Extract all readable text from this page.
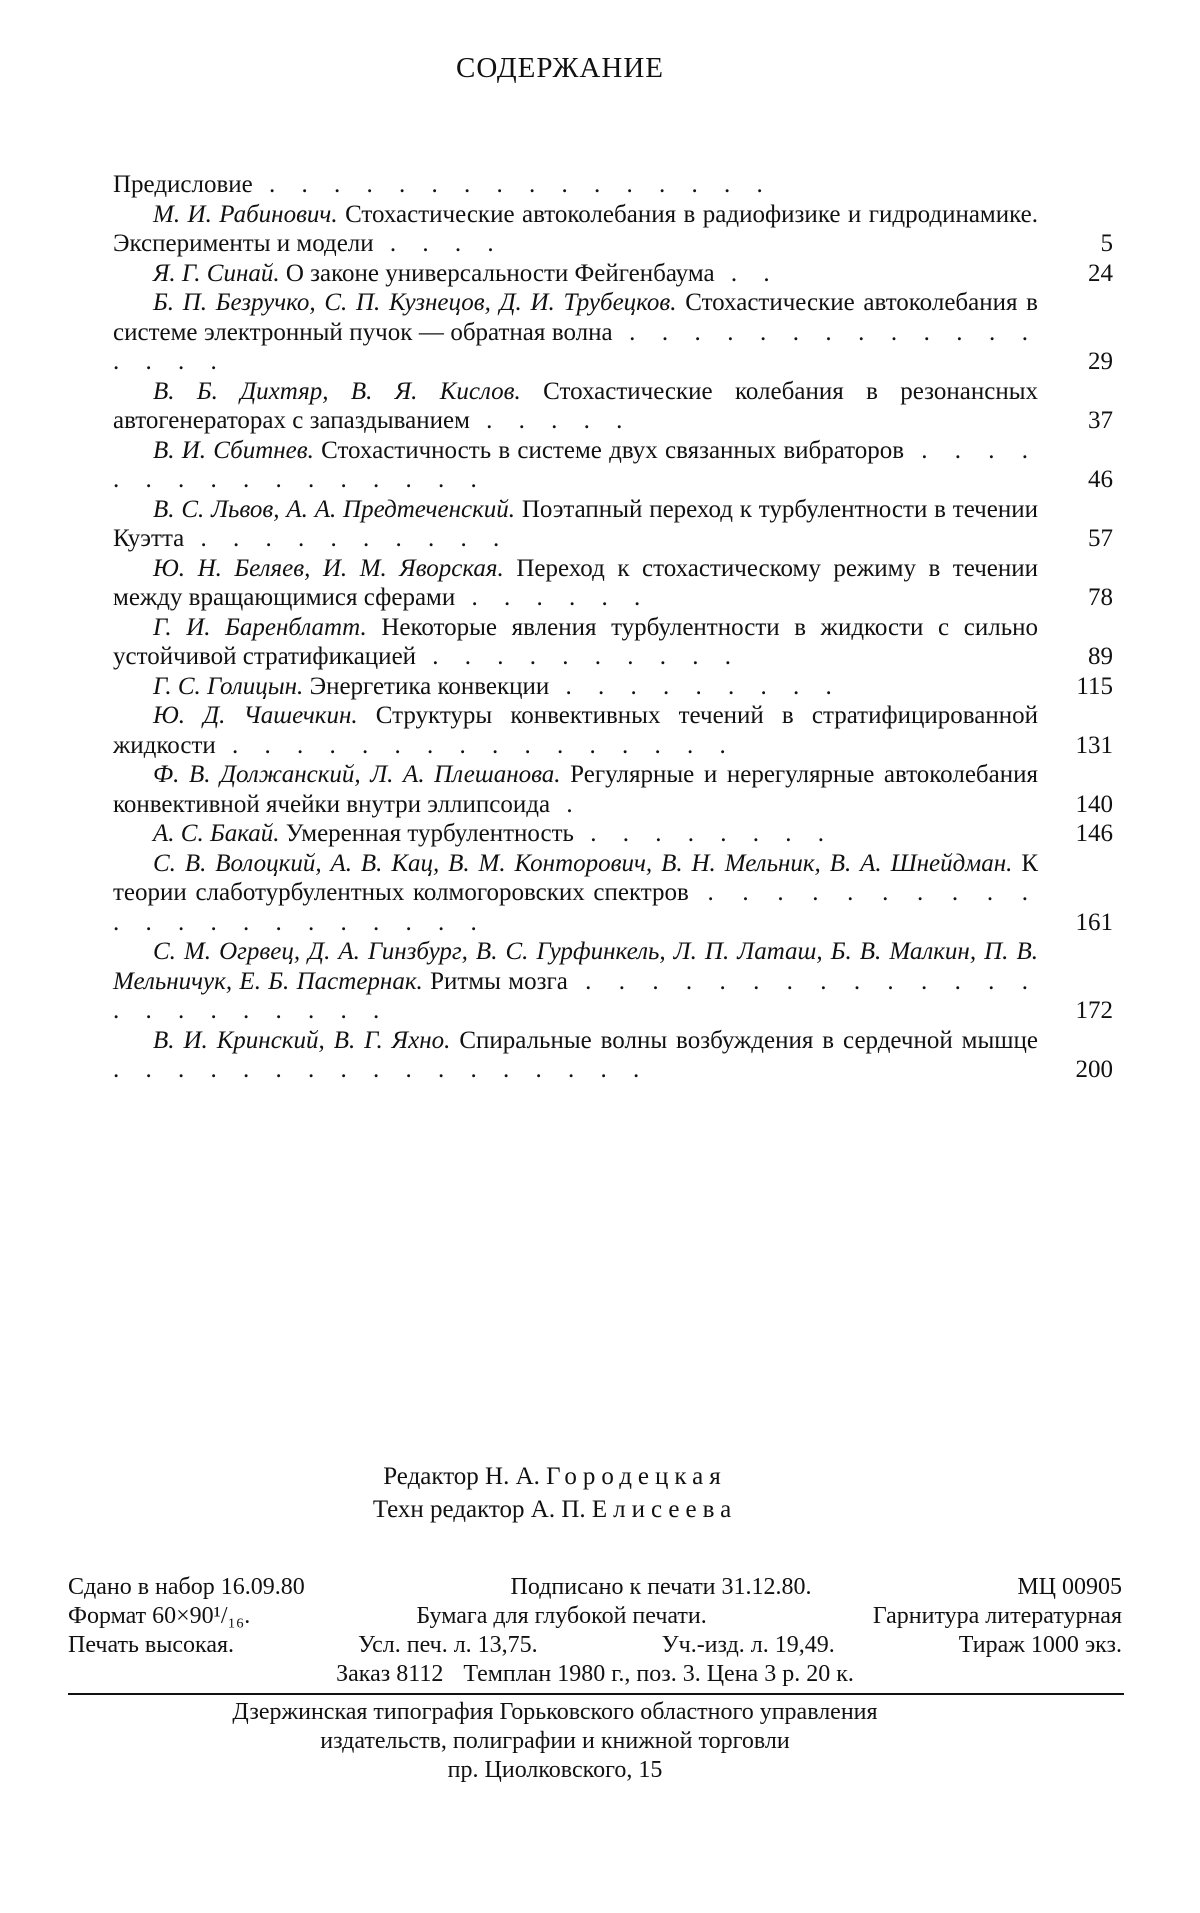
СОДЕРЖАНИЕ
Предисловие . . . . . . . . . . . . . . . .
М. И. Рабинович. Стохастические автоколебания в радиофизике и гидродинамике. Эксперименты и модели . . . .	5
Я. Г. Синай. О законе универсальности Фейгенбаума . .	24
Б. П. Безручко, С. П. Кузнецов, Д. И. Трубецков. Стохастические автоколебания в системе электронный пучок — обратная волна . . . . . . . . . . . . . . . . .	29
В. Б. Дихтяр, В. Я. Кислов. Стохастические колебания в резонансных автогенераторах с запаздыванием . . . . .	37
В. И. Сбитнев. Стохастичность в системе двух связанных вибраторов . . . . . . . . . . . . . . . .	46
В. С. Львов, А. А. Предтеченский. Поэтапный переход к турбулентности в течении Куэтта . . . . . . . . . .	57
Ю. Н. Беляев, И. М. Яворская. Переход к стохастическому режиму в течении между вращающимися сферами . . . . . .	78
Г. И. Баренблатт. Некоторые явления турбулентности в жидкости с сильно устойчивой стратификацией . . . . . . . . . .	89
Г. С. Голицын. Энергетика конвекции . . . . . . . . .	115
Ю. Д. Чашечкин. Структуры конвективных течений в стратифицированной жидкости . . . . . . . . . . . . . . . .	131
Ф. В. Должанский, Л. А. Плешанова. Регулярные и нерегулярные автоколебания конвективной ячейки внутри эллипсоида .	140
А. С. Бакай. Умеренная турбулентность . . . . . . . .	146
С. В. Волоцкий, А. В. Кац, В. М. Конторович, В. Н. Мельник, В. А. Шнейдман. К теории слаботурбулентных колмогоровских спектров . . . . . . . . . . . . . . . . . . . . . .	161
С. М. Огрвец, Д. А. Гинзбург, В. С. Гурфинкель, Л. П. Латаш, Б. В. Малкин, П. В. Мельничук, Е. Б. Пастернак. Ритмы мозга . . . . . . . . . . . . . . . . . . . . . . .	172
В. И. Кринский, В. Г. Яхно. Спиральные волны возбуждения в сердечной мышце . . . . . . . . . . . . . . . . .	200
Редактор Н. А. Городецкая
Техн редактор А. П. Елисеева
Сдано в набор 16.09.80	Подписано к печати 31.12.80.	МЦ 00905
Формат 60×90¹/₁₆.	Бумага для глубокой печати.	Гарнитура литературная
Печать высокая.	Усл. печ. л. 13,75.	Уч.-изд. л. 19,49.	Тираж 1000 экз.
Заказ 8112 Темплан 1980 г., поз. 3. Цена 3 р. 20 к.
Дзержинская типография Горьковского областного управления
издательств, полиграфии и книжной торговли
пр. Циолковского, 15
